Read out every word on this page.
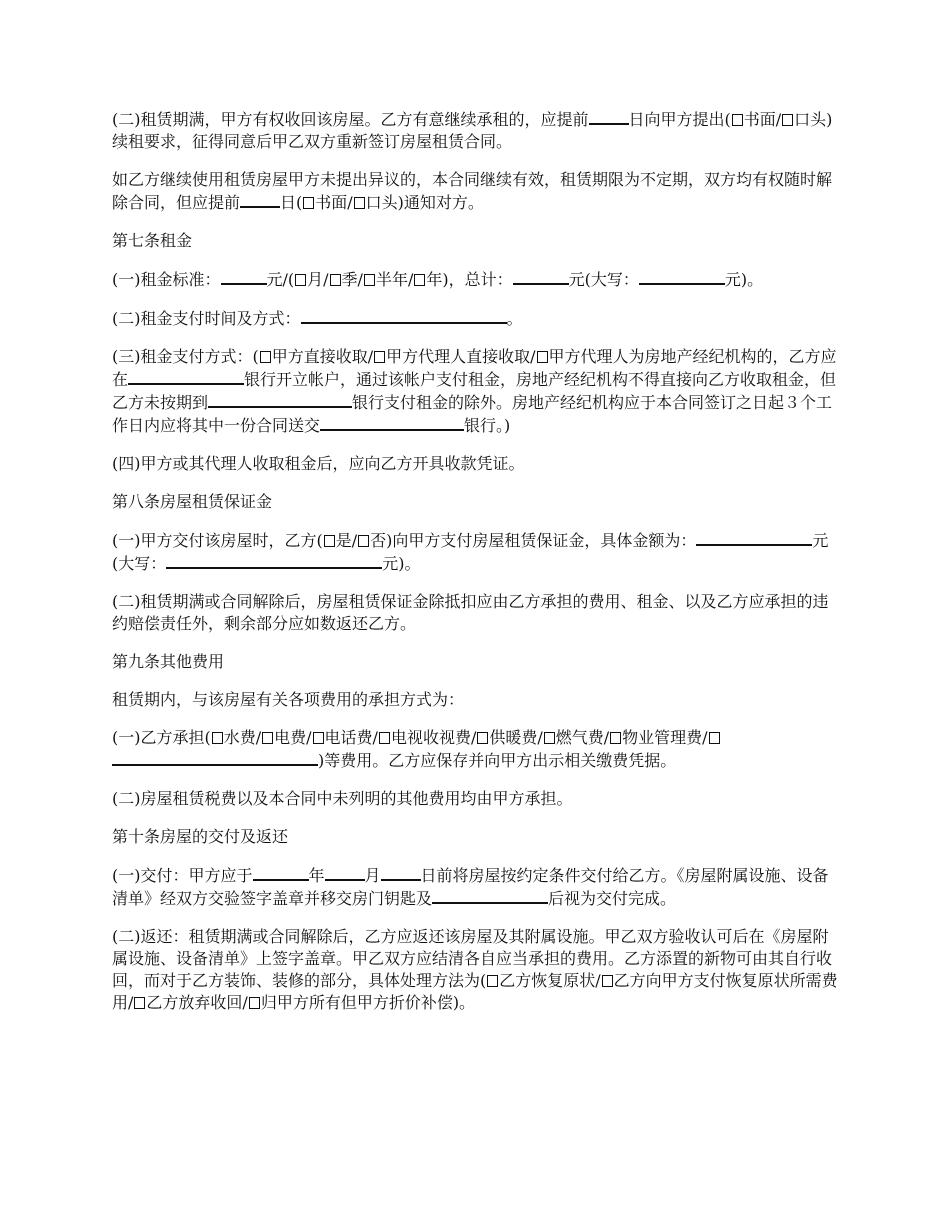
(二)租赁期满，甲方有权收回该房屋。乙方有意继续承租的，应提前	日向甲方提出( 书面/ 口头)续租要求，征得同意后甲乙双方重新签订房屋租赁合同。

如乙方继续使用租赁房屋甲方未提出异议的，本合同继续有效，租赁期限为不定期，双方均有权随时解除合同，但应提前	日( 书面/ 口头)通知对方。

第七条租金

(一)租金标准：	元/( 月/ 季/ 半年/ 年)，总计：	元(大写：	元)。

(二)租金支付时间及方式：	。

(三)租金支付方式：( 甲方直接收取/ 甲方代理人直接收取/ 甲方代理人为房地产经纪机构的，乙方应在	银行开立帐户，通过该帐户支付租金，房地产经纪机构不得直接向乙方收取租金，但乙方未按期到	银行支付租金的除外。房地产经纪机构应于本合同签订之日起３个工作日内应将其中一份合同送交	银行。)

(四)甲方或其代理人收取租金后，应向乙方开具收款凭证。

第八条房屋租赁保证金

(一)甲方交付该房屋时，乙方( 是/ 否)向甲方支付房屋租赁保证金，具体金额为：	元(大写：	元)。

(二)租赁期满或合同解除后，房屋租赁保证金除抵扣应由乙方承担的费用、租金、以及乙方应承担的违约赔偿责任外，剩余部分应如数返还乙方。

第九条其他费用

租赁期内，与该房屋有关各项费用的承担方式为：

(一)乙方承担( 水费/ 电费/ 电话费/ 电视收视费/ 供暖费/ 燃气费/ 物业管理费/)等费用。乙方应保存并向甲方出示相关缴费凭据。

(二)房屋租赁税费以及本合同中未列明的其他费用均由甲方承担。

第十条房屋的交付及返还

(一)交付：甲方应于	年	月	日前将房屋按约定条件交付给乙方。《房屋附属设施、设备清单》经双方交验签字盖章并移交房门钥匙及	后视为交付完成。

(二)返还：租赁期满或合同解除后，乙方应返还该房屋及其附属设施。甲乙双方验收认可后在《房屋附属设施、设备清单》上签字盖章。甲乙双方应结清各自应当承担的费用。乙方添置的新物可由其自行收回，而对于乙方装饰、装修的部分，具体处理方法为( 乙方恢复原状/ 乙方向甲方支付恢复原状所需费用/ 乙方放弃收回/ 归甲方所有但甲方折价补偿)。
